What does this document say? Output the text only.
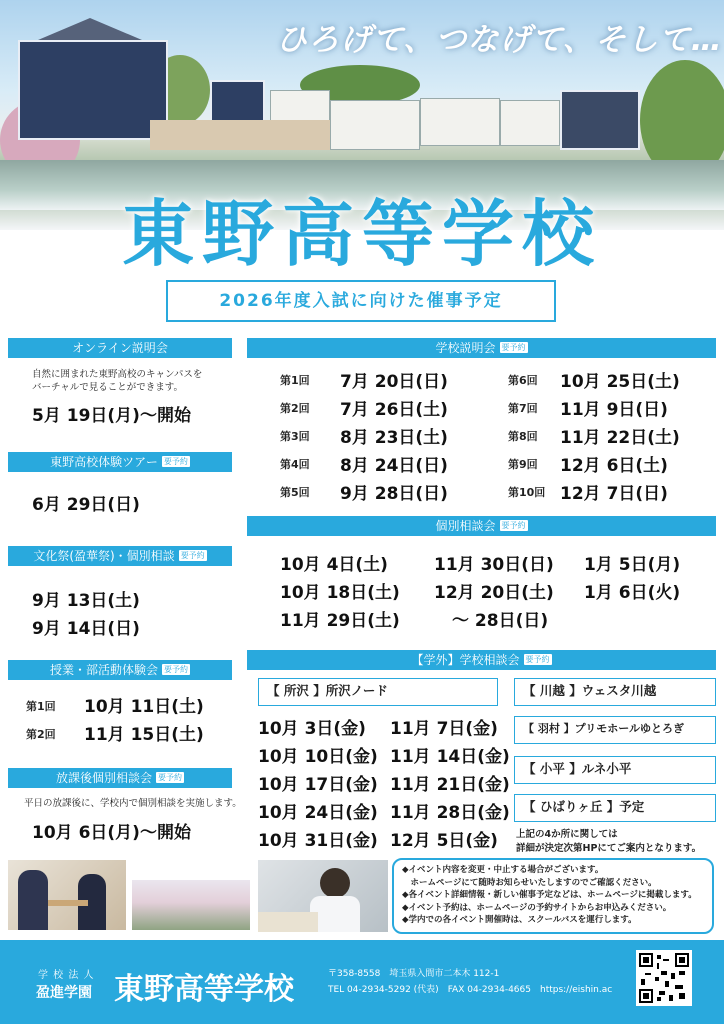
ひろげて、つなげて、そして…
東野高等学校
2026年度入試に向けた催事予定
オンライン説明会
自然に囲まれた東野高校のキャンパスを
バーチャルで見ることができます。
5月 19日(月)〜開始
東野高校体験ツアー 要予約
6月 29日(日)
文化祭(盈華祭)・個別相談 要予約
9月 13日(土)
9月 14日(日)
授業・部活動体験会 要予約
第1回 10月 11日(土)
第2回 11月 15日(土)
放課後個別相談会 要予約
平日の放課後に、学校内で個別相談を実施します。
10月 6日(月)〜開始
学校説明会 要予約
第1回 7月 20日(日)
第2回 7月 26日(土)
第3回 8月 23日(土)
第4回 8月 24日(日)
第5回 9月 28日(日)
第6回 10月 25日(土)
第7回 11月 9日(日)
第8回 11月 22日(土)
第9回 12月 6日(土)
第10回 12月 7日(日)
個別相談会 要予約
10月 4日(土)
10月 18日(土)
11月 29日(土)
11月 30日(日)
12月 20日(土)
〜 28日(日)
1月 5日(月)
1月 6日(火)
【学外】学校相談会 要予約
【 所沢 】所沢ノード
10月 3日(金)
10月 10日(金)
10月 17日(金)
10月 24日(金)
10月 31日(金)
11月 7日(金)
11月 14日(金)
11月 21日(金)
11月 28日(金)
12月 5日(金)
【 川越 】ウェスタ川越
【 羽村 】プリモホールゆとろぎ
【 小平 】ルネ小平
【 ひばりヶ丘 】予定
上記の4か所に関しては
詳細が決定次第HPにてご案内となります。
◆イベント内容を変更・中止する場合がございます。
　ホームページにて随時お知らせいたしますのでご確認ください。
◆各イベント詳細情報・新しい催事予定などは、ホームページに掲載します。
◆イベント予約は、ホームページの予約サイトからお申込みください。
◆学内での各イベント開催時は、スクールバスを運行します。
学 校 法 人
盈進学園 東野高等学校	〒358-8558　埼玉県入間市二本木 112-1
TEL 04-2934-5292 (代表)　FAX 04-2934-4665　https://eishin.ac
